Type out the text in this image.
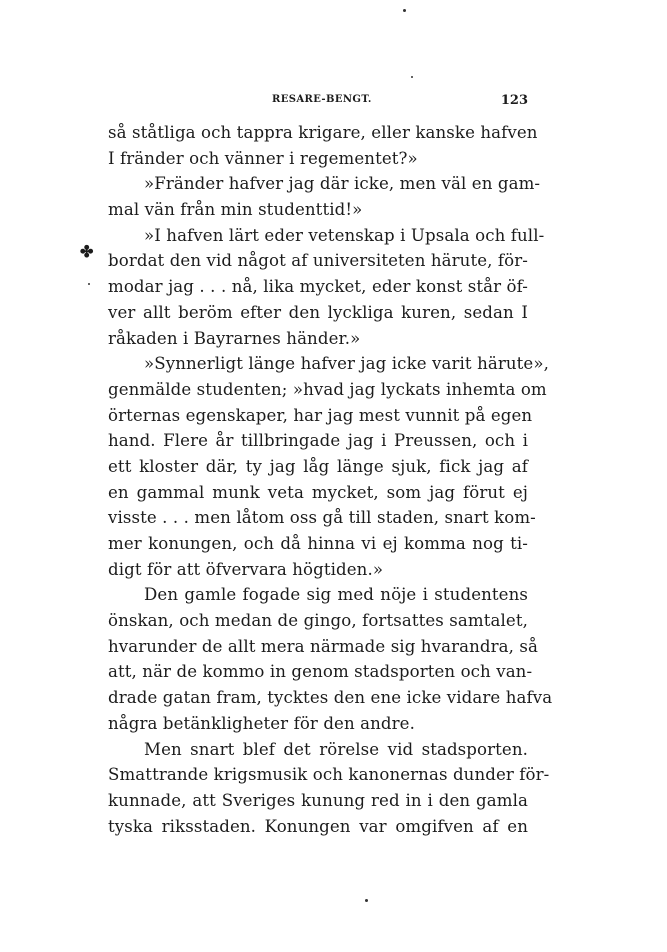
RESARE-BENGT.	123
✤
så ståtliga och tappra krigare, eller kanske hafven
I fränder och vänner i regementet?»
»Fränder hafver jag där icke, men väl en gam-
mal vän från min studenttid!»
»I hafven lärt eder vetenskap i Upsala och full-
bordat den vid något af universiteten härute, för-
modar jag . . . nå, lika mycket, eder konst står öf-
ver allt beröm efter den lyckliga kuren, sedan I
råkaden i Bayrarnes händer.»
»Synnerligt länge hafver jag icke varit härute»,
genmälde studenten; »hvad jag lyckats inhemta om
örternas egenskaper, har jag mest vunnit på egen
hand. Flere år tillbringade jag i Preussen, och i
ett kloster där, ty jag låg länge sjuk, fick jag af
en gammal munk veta mycket, som jag förut ej
visste . . . men låtom oss gå till staden, snart kom-
mer konungen, och då hinna vi ej komma nog ti-
digt för att öfvervara högtiden.»
Den gamle fogade sig med nöje i studentens
önskan, och medan de gingo, fortsattes samtalet,
hvarunder de allt mera närmade sig hvarandra, så
att, när de kommo in genom stadsporten och van-
drade gatan fram, tycktes den ene icke vidare hafva
några betänkligheter för den andre.
Men snart blef det rörelse vid stadsporten.
Smattrande krigsmusik och kanonernas dunder för-
kunnade, att Sveriges kunung red in i den gamla
tyska riksstaden. Konungen var omgifven af en
